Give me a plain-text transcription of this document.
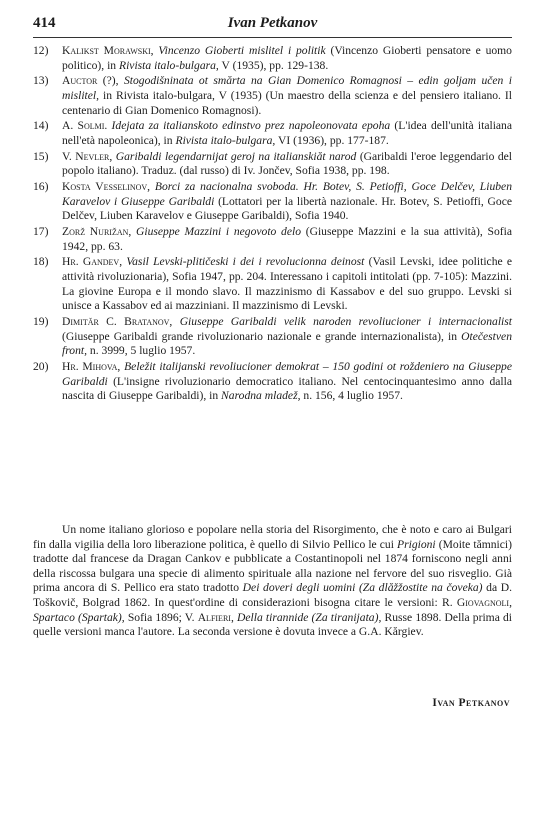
414	Ivan Petkanov
12)	Kalikst Morawski, Vincenzo Gioberti mislitel i politik (Vincenzo Gioberti pensatore e uomo politico), in Rivista italo-bulgara, V (1935), pp. 129-138.
13)	Auctor (?), Stogodišninata ot smărta na Gian Domenico Romagnosi – edin goljam učen i mislitel, in Rivista italo-bulgara, V (1935) (Un maestro della scienza e del pensiero italiano. Il centenario di Gian Domenico Romagnosi).
14)	A. Solmi. Idejata za italianskoto edinstvo prez napoleonovata epoha (L'idea dell'unità italiana nell'età napoleonica), in Rivista italo-bulgara, VI (1936), pp. 177-187.
15)	V. Nevler, Garibaldi legendarnijat geroj na italianskiăt narod (Garibaldi l'eroe leggendario del popolo italiano). Traduz. (dal russo) di Iv. Jončev, Sofia 1938, pp. 198.
16)	Kosta Vesselinov, Borci za nacionalna svoboda. Hr. Botev, S. Petioffi, Goce Delčev, Liuben Karavelov i Giuseppe Garibaldi (Lottatori per la libertà nazionale. Hr. Botev, S. Petioffi, Goce Delčev, Liuben Karavelov e Giuseppe Garibaldi), Sofia 1940.
17)	Zorž Nurižan, Giuseppe Mazzini i negovoto delo (Giuseppe Mazzini e la sua attività), Sofia 1942, pp. 63.
18)	Hr. Gandev, Vasil Levski-plitičeski i dei i revolucionna deinost (Vasil Levski, idee politiche e attività rivoluzionaria), Sofia 1947, pp. 204. Interessano i capitoli intitolati (pp. 7-105): Mazzini. La giovine Europa e il mondo slavo. Il mazzinismo di Kassabov e del suo gruppo. Levski si unisce a Kassabov ed ai mazziniani. Il mazzinismo di Levski.
19)	Dimităr C. Bratanov, Giuseppe Garibaldi velik naroden revoliucioner i internacionalist (Giuseppe Garibaldi grande rivoluzionario nazionale e grande internazionalista), in Otečestven front, n. 3999, 5 luglio 1957.
20)	Hr. Mihova, Beležit italijanski revoliucioner demokrat – 150 godini ot roždeniero na Giuseppe Garibaldi (L'insigne rivoluzionario democratico italiano. Nel centocinquantesimo anno dalla nascita di Giuseppe Garibaldi), in Narodna mladež, n. 156, 4 luglio 1957.
Un nome italiano glorioso e popolare nella storia del Risorgimento, che è noto e caro ai Bulgari fin dalla vigilia della loro liberazione politica, è quello di Silvio Pellico le cui Prigioni (Moite tămnici) tradotte dal francese da Dragan Cankov e pubblicate a Costantinopoli nel 1874 forniscono negli anni della riscossa bulgara una specie di alimento spirituale alla nazione nel fervore del suo risveglio. Già prima ancora di S. Pellico era stato tradotto Dei doveri degli uomini (Za dlăžžostite na čoveka) da D. Toškovič, Bolgrad 1862. In quest'ordine di considerazioni bisogna citare le versioni: R. Giovagnoli, Spartaco (Spartak), Sofia 1896; V. Alfieri, Della tirannide (Za tiranijata), Russe 1898. Della prima di quelle versioni manca l'autore. La seconda versione è dovuta invece a G.A. Kărgiev.
Ivan Petkanov
